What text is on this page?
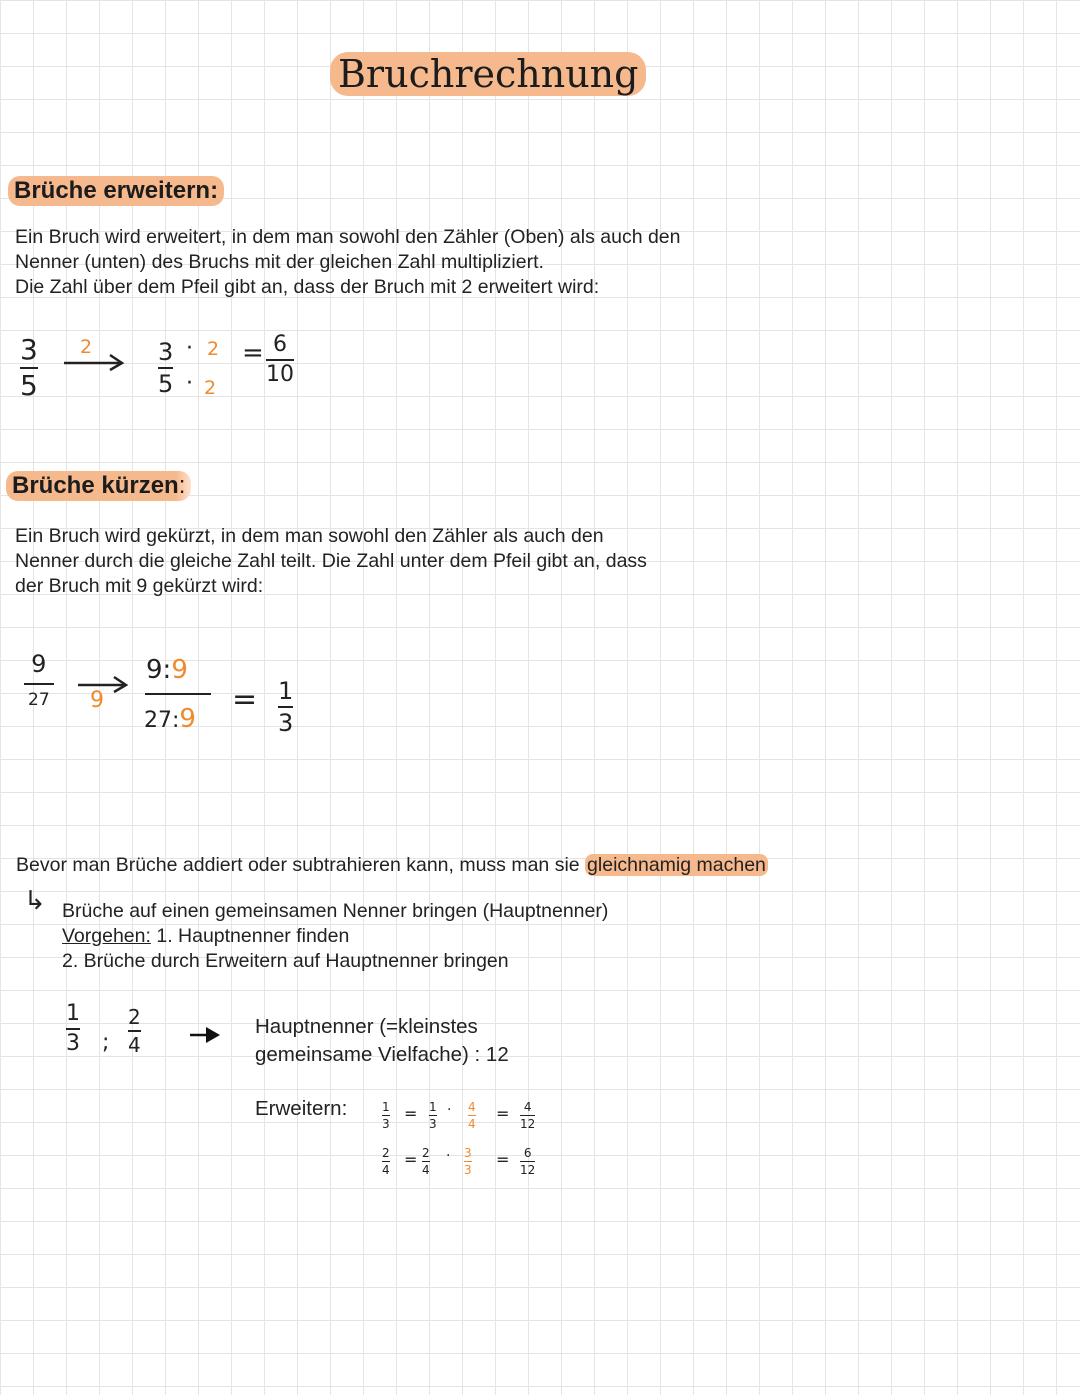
Bruchrechnung
Brüche erweitern:
Ein Bruch wird erweitert, in dem man sowohl den Zähler (Oben) als auch den
Nenner (unten) des Bruchs mit der gleichen Zahl multipliziert.
Die Zahl über dem Pfeil gibt an, dass der Bruch mit 2 erweitert wird:
$\frac{3}{5} 2$	$\frac{3}{5} \cdot 2$
· 2
= $\frac{6}{10}$
Brüche kürzen:
Ein Bruch wird gekürzt, in dem man sowohl den Zähler als auch den
Nenner durch die gleiche Zahl teilt. Die Zahl unter dem Pfeil gibt an, dass
der Bruch mit 9 gekürzt wird:
$\frac{9}{27} 9$
9:9
27:9
= $\frac{1}{3}$
Bevor man Brüche addiert oder subtrahieren kann, muss man sie gleichnamig machen
↳ Brüche auf einen gemeinsamen Nenner bringen (Hauptnenner)
Vorgehen: 1. Hauptnenner finden
2. Brüche durch Erweitern auf Hauptnenner bringen
$\frac{1}{3}$ ; $\frac{2}{4}$	Hauptnenner (=kleinstes
gemeinsame Vielfache) : 12
Erweitern:	$\frac{1}{3} = \frac{1}{3} \cdot \frac{4}{4} = \frac{4}{12}$
$\frac{2}{4} = \frac{2}{4} \cdot \frac{3}{3} = \frac{6}{12}$
